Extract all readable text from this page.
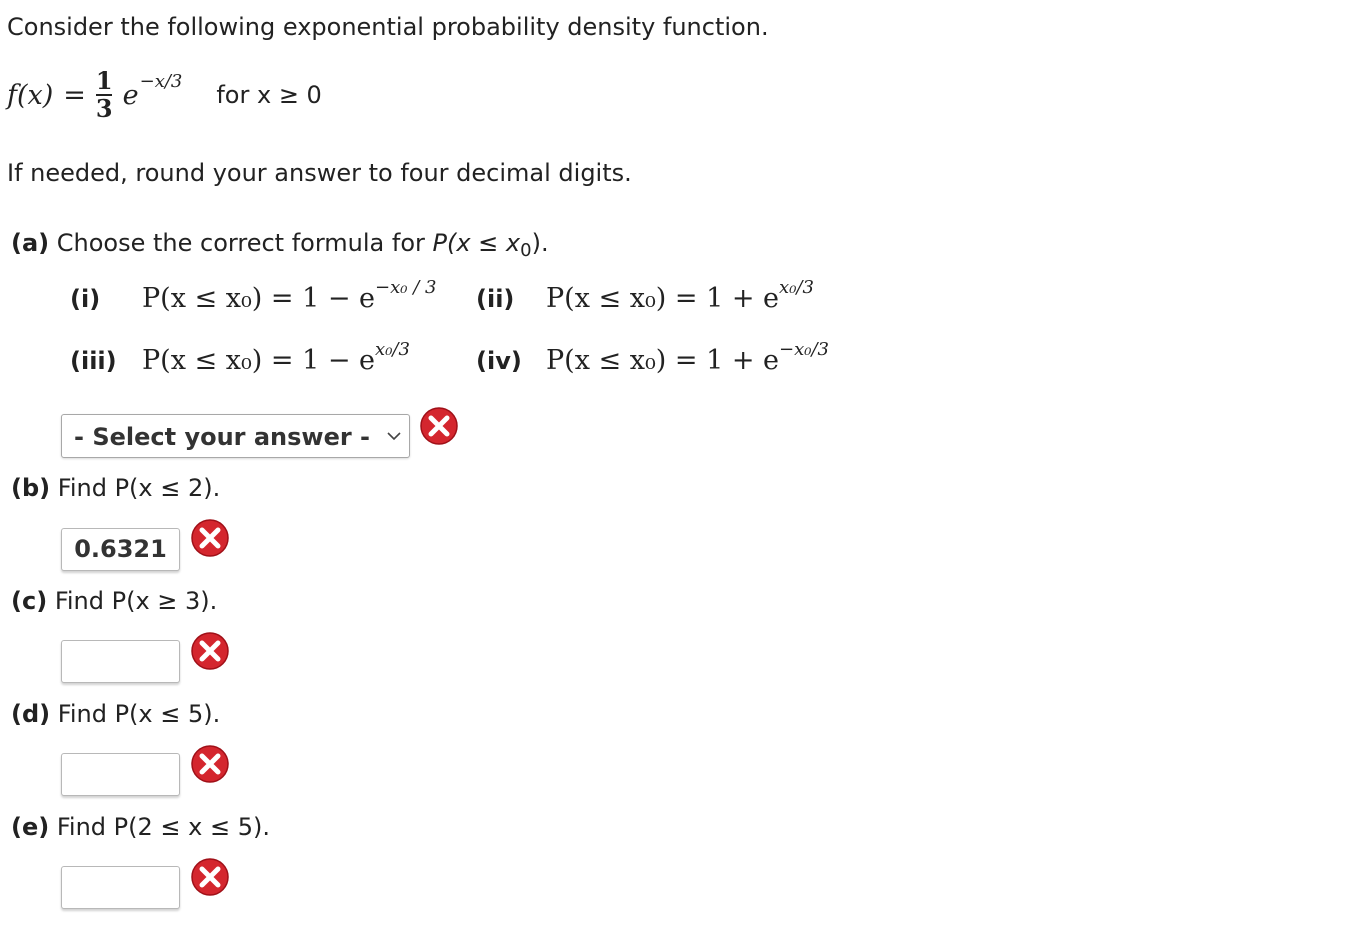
Consider the following exponential probability density function.
$f(x) = \frac{1}{3}$ e −x/3 for x ≥ 0
If needed, round your answer to four decimal digits.
(a) Choose the correct formula for $P(x \le x_0)$.
(i) P(x ≤ x₀) = 1 − e−x₀ / 3 (ii) P(x ≤ x₀) = 1 + ex₀/3
(iii) P(x ≤ x₀) = 1 − ex₀/3	(iv) P(x ≤ x₀) = 1 + e−x₀/3
- Select your answer -
(b) Find P(x ≤ 2).
0.6321
(c) Find P(x ≥ 3).
(d) Find P(x ≤ 5).
(e) Find P(2 ≤ x ≤ 5).
